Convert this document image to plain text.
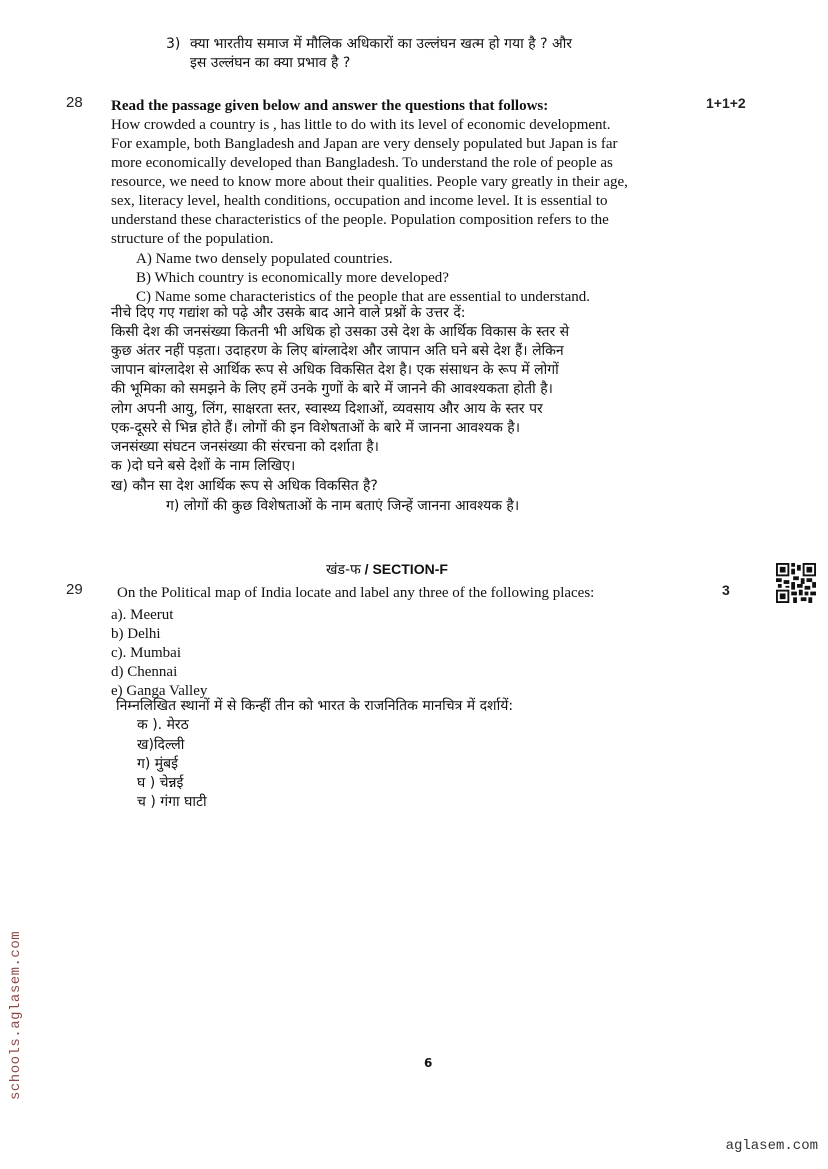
3) क्या भारतीय समाज में मौलिक अधिकारों का उल्लंघन खत्म हो गया है ? और
इस उल्लंघन का क्या प्रभाव है ?
28	1+1+2
Read the passage given below and answer the questions that follows:
How crowded a country is , has little to do with its level of economic development.
For example, both Bangladesh and Japan are very densely populated but Japan is far
more economically developed than Bangladesh. To understand the role of people as
resource, we need to know more about their qualities. People vary greatly in their age,
sex, literacy level, health conditions, occupation and income level. It is essential to
understand these characteristics of the people. Population composition refers to the
structure of the population.
A) Name two densely populated countries.
B) Which country is economically more developed?
C) Name some characteristics of the people that are essential to understand.
नीचे दिए गए गद्यांश को पढ़े और उसके बाद आने वाले प्रश्नों के उत्तर दें:
किसी देश की जनसंख्या कितनी भी अधिक हो उसका उसे देश के आर्थिक विकास के स्तर से
कुछ अंतर नहीं पड़ता। उदाहरण के लिए बांग्लादेश और जापान अति घने बसे देश हैं। लेकिन
जापान बांग्लादेश से आर्थिक रूप से अधिक विकसित देश है। एक संसाधन के रूप में लोगों
की भूमिका को समझने के लिए हमें उनके गुणों के बारे में जानने की आवश्यकता होती है।
लोग अपनी आयु, लिंग, साक्षरता स्तर, स्वास्थ्य दिशाओं, व्यवसाय और आय के स्तर पर
एक-दूसरे से भिन्न होते हैं। लोगों की इन विशेषताओं के बारे में जानना आवश्यक है।
जनसंख्या संघटन जनसंख्या की संरचना को दर्शाता है।
क )दो घने बसे देशों के नाम लिखिए।
ख) कौन सा देश आर्थिक रूप से अधिक विकसित है?
ग) लोगों की कुछ विशेषताओं के नाम बताएं जिन्हें जानना आवश्यक है।
खंड-फ / SECTION-F
29	3
On the Political map of India locate and label any three of the following places:
a). Meerut
b) Delhi
c). Mumbai
d) Chennai
e) Ganga Valley
निम्नलिखित स्थानों में से किन्हीं तीन को भारत के राजनितिक मानचित्र में दर्शायें:
क ). मेरठ
ख)दिल्ली
ग) मुंबई
घ ) चेन्नई
च ) गंगा घाटी
6
schools.aglasem.com
aglasem.com
